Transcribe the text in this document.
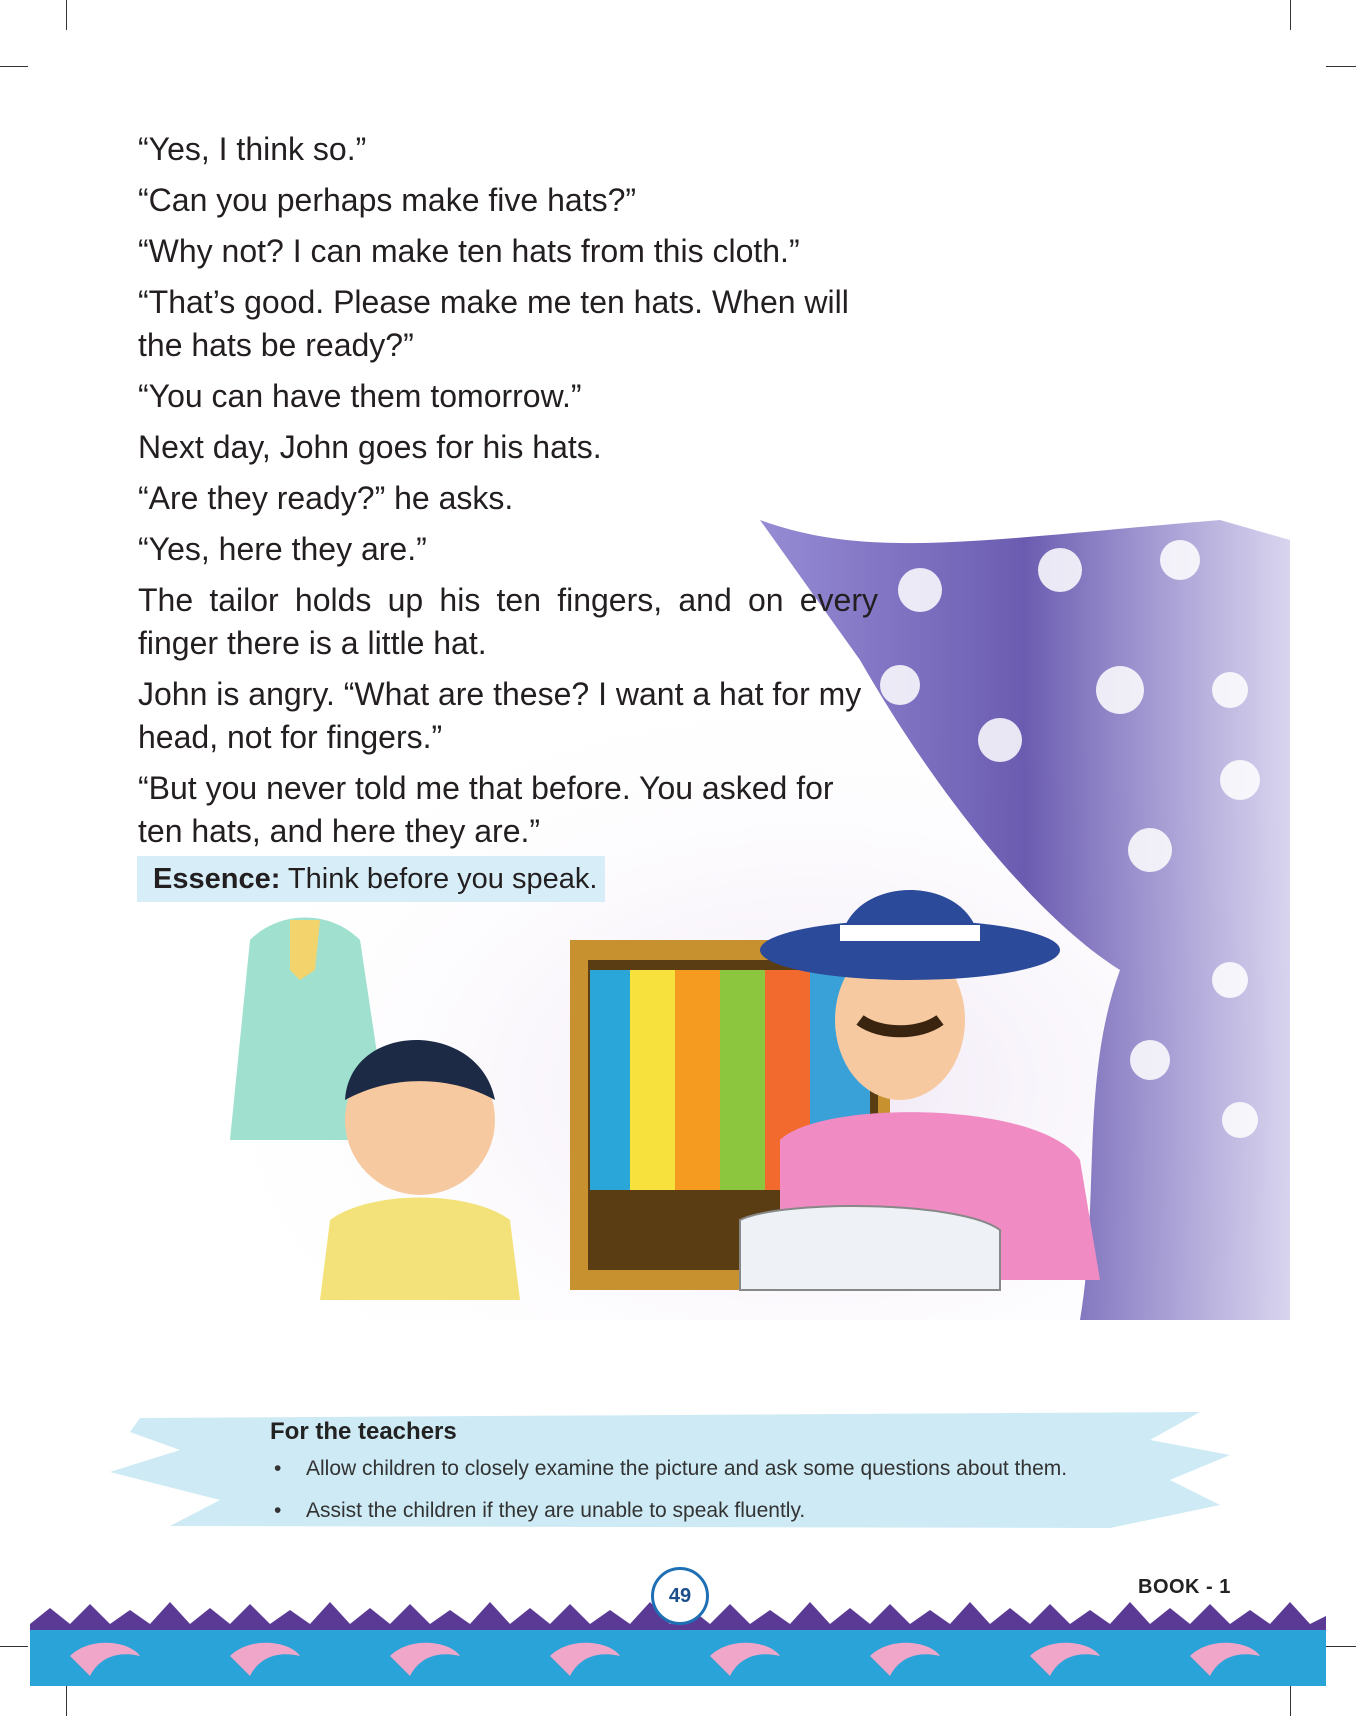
“Yes, I think so.”

“Can you perhaps make five hats?”

“Why not? I can make ten hats from this cloth.”

“That’s good. Please make me ten hats. When will the hats be ready?”

“You can have them tomorrow.”

Next day, John goes for his hats.

“Are they ready?” he asks.

“Yes, here they are.”

The tailor holds up his ten fingers, and on every finger there is a little hat.

John is angry. “What are these? I want a hat for my head, not for fingers.”

“But you never told me that before. You asked for ten hats, and here they are.”

Essence: Think before you speak.
For the teachers
• Allow children to closely examine the picture and ask some questions about them.
• Assist the children if they are unable to speak fluently.
49	BOOK - 1
